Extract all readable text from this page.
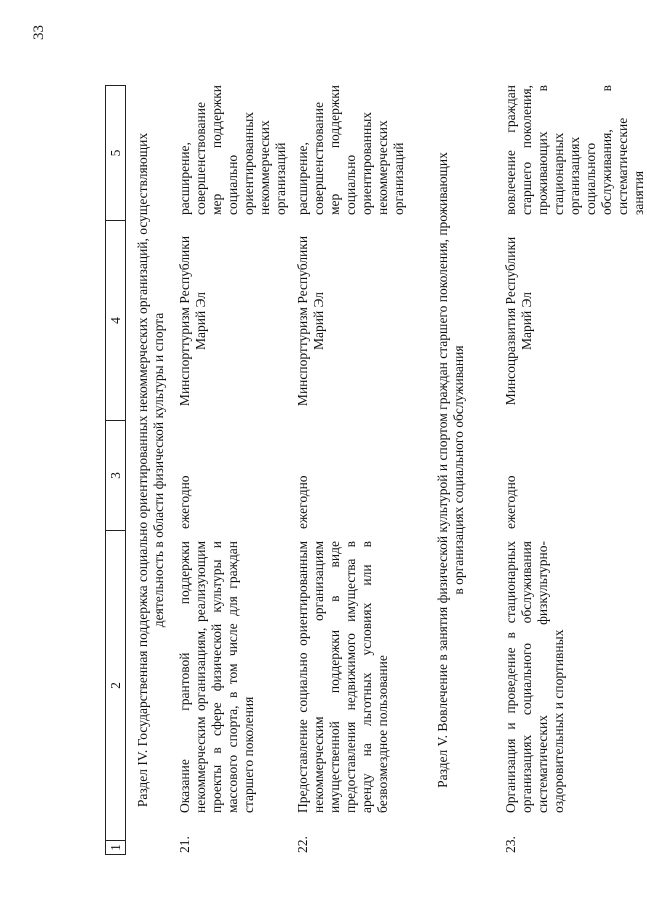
33
1
2
3
4
5 Раздел IV. Государственная поддержка социально ориентированных некоммерческих организаций, осуществляющих деятельность в области физической культуры и спорта
21.
Оказание грантовой поддержки некоммерческим организациям, реализующим проекты в сфере физической культуры и массового спорта, в том числе для граждан старшего поколения
ежегодно
Минспорттуризм Республики Марий Эл
расширение, совершенствование мер поддержки социально ориентированных некоммерческих организаций
22.
Предоставление социально ориентированным некоммерческим организациям имущественной поддержки в виде предоставления недвижимого имущества в аренду на льготных условиях или в безвозмездное пользование
ежегодно
Минспорттуризм Республики Марий Эл
расширение, совершенствование мер поддержки социально ориентированных некоммерческих организаций Раздел V. Вовлечение в занятия физической культурой и спортом граждан старшего поколения, проживающих в организациях социального обслуживания
23.
Организация и проведение в стационарных организациях социального обслуживания систематических физкультурно-оздоровительных и спортивных
ежегодно
Минсоцразвития Республики Марий Эл
вовлечение граждан старшего поколения, проживающих в стационарных организациях социального обслуживания, в систематические занятия
